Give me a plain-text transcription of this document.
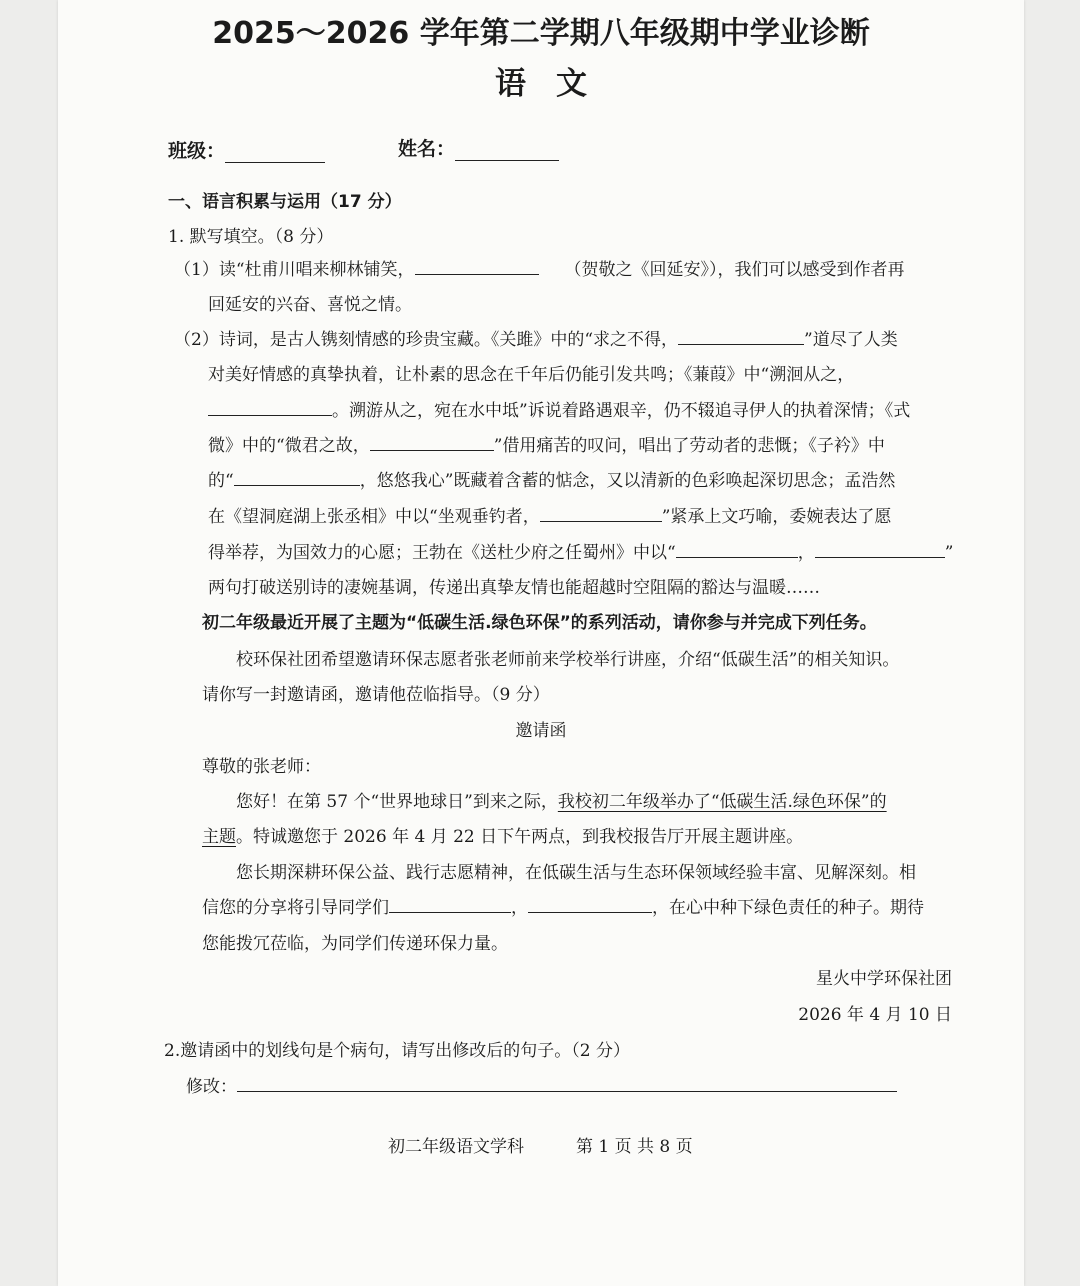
2025～2026 学年第二学期八年级期中学业诊断
语文
班级：	姓名：
一、语言积累与运用（17 分）
1. 默写填空。（8 分）
（1）读“杜甫川唱来柳林铺笑，	（贺敬之《回延安》），我们可以感受到作者再
回延安的兴奋、喜悦之情。
（2）诗词，是古人镌刻情感的珍贵宝藏。《关雎》中的“求之不得，	”道尽了人类
对美好情感的真挚执着，让朴素的思念在千年后仍能引发共鸣；《蒹葭》中“溯洄从之，
。溯游从之，宛在水中坻”诉说着路遇艰辛，仍不辍追寻伊人的执着深情；《式
微》中的“微君之故，	”借用痛苦的叹问，唱出了劳动者的悲慨；《子衿》中
的“	，悠悠我心”既藏着含蓄的惦念，又以清新的色彩唤起深切思念；孟浩然
在《望洞庭湖上张丞相》中以“坐观垂钓者，	”紧承上文巧喻，委婉表达了愿
得举荐，为国效力的心愿；王勃在《送杜少府之任蜀州》中以“	，	”
两句打破送别诗的凄婉基调，传递出真挚友情也能超越时空阻隔的豁达与温暖……
初二年级最近开展了主题为“低碳生活.绿色环保”的系列活动，请你参与并完成下列任务。
校环保社团希望邀请环保志愿者张老师前来学校举行讲座，介绍“低碳生活”的相关知识。
请你写一封邀请函，邀请他莅临指导。（9 分）
邀请函
尊敬的张老师：
您好！在第 57 个“世界地球日”到来之际，我校初二年级举办了“低碳生活.绿色环保”的
主题。特诚邀您于 2026 年 4 月 22 日下午两点，到我校报告厅开展主题讲座。
您长期深耕环保公益、践行志愿精神，在低碳生活与生态环保领域经验丰富、见解深刻。相
信您的分享将引导同学们	，	，在心中种下绿色责任的种子。期待
您能拨冗莅临，为同学们传递环保力量。
星火中学环保社团
2026 年 4 月 10 日
2.邀请函中的划线句是个病句，请写出修改后的句子。（2 分）
修改：
初二年级语文学科	第 1 页 共 8 页
